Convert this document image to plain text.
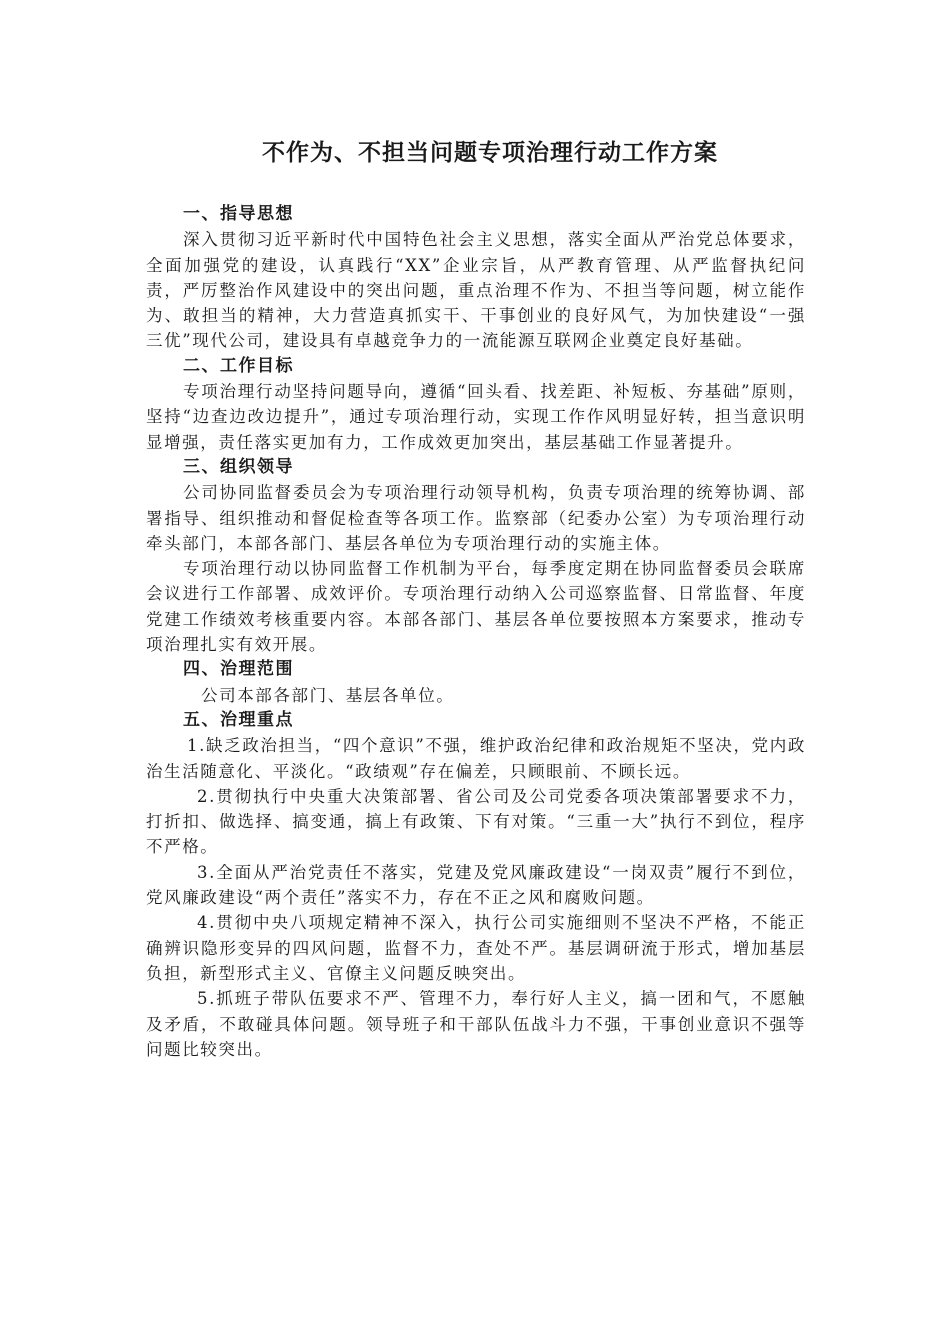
不作为、不担当问题专项治理行动工作方案
一、指导思想
深入贯彻习近平新时代中国特色社会主义思想，落实全面从严治党总体要求，全面加强党的建设，认真践行“XX”企业宗旨，从严教育管理、从严监督执纪问责，严厉整治作风建设中的突出问题，重点治理不作为、不担当等问题，树立能作为、敢担当的精神，大力营造真抓实干、干事创业的良好风气，为加快建设“一强三优”现代公司，建设具有卓越竞争力的一流能源互联网企业奠定良好基础。
二、工作目标
专项治理行动坚持问题导向，遵循“回头看、找差距、补短板、夯基础”原则，坚持“边查边改边提升”，通过专项治理行动，实现工作作风明显好转，担当意识明显增强，责任落实更加有力，工作成效更加突出，基层基础工作显著提升。
三、组织领导
公司协同监督委员会为专项治理行动领导机构，负责专项治理的统筹协调、部署指导、组织推动和督促检查等各项工作。监察部（纪委办公室）为专项治理行动牵头部门，本部各部门、基层各单位为专项治理行动的实施主体。
专项治理行动以协同监督工作机制为平台，每季度定期在协同监督委员会联席会议进行工作部署、成效评价。专项治理行动纳入公司巡察监督、日常监督、年度党建工作绩效考核重要内容。本部各部门、基层各单位要按照本方案要求，推动专项治理扎实有效开展。
四、治理范围
公司本部各部门、基层各单位。
五、治理重点
1.缺乏政治担当，“四个意识”不强，维护政治纪律和政治规矩不坚决，党内政治生活随意化、平淡化。“政绩观”存在偏差，只顾眼前、不顾长远。
2.贯彻执行中央重大决策部署、省公司及公司党委各项决策部署要求不力，打折扣、做选择、搞变通，搞上有政策、下有对策。“三重一大”执行不到位，程序不严格。
3.全面从严治党责任不落实，党建及党风廉政建设“一岗双责”履行不到位，党风廉政建设“两个责任”落实不力，存在不正之风和腐败问题。
4.贯彻中央八项规定精神不深入，执行公司实施细则不坚决不严格，不能正确辨识隐形变异的四风问题，监督不力，查处不严。基层调研流于形式，增加基层负担，新型形式主义、官僚主义问题反映突出。
5.抓班子带队伍要求不严、管理不力，奉行好人主义，搞一团和气，不愿触及矛盾，不敢碰具体问题。领导班子和干部队伍战斗力不强，干事创业意识不强等问题比较突出。
